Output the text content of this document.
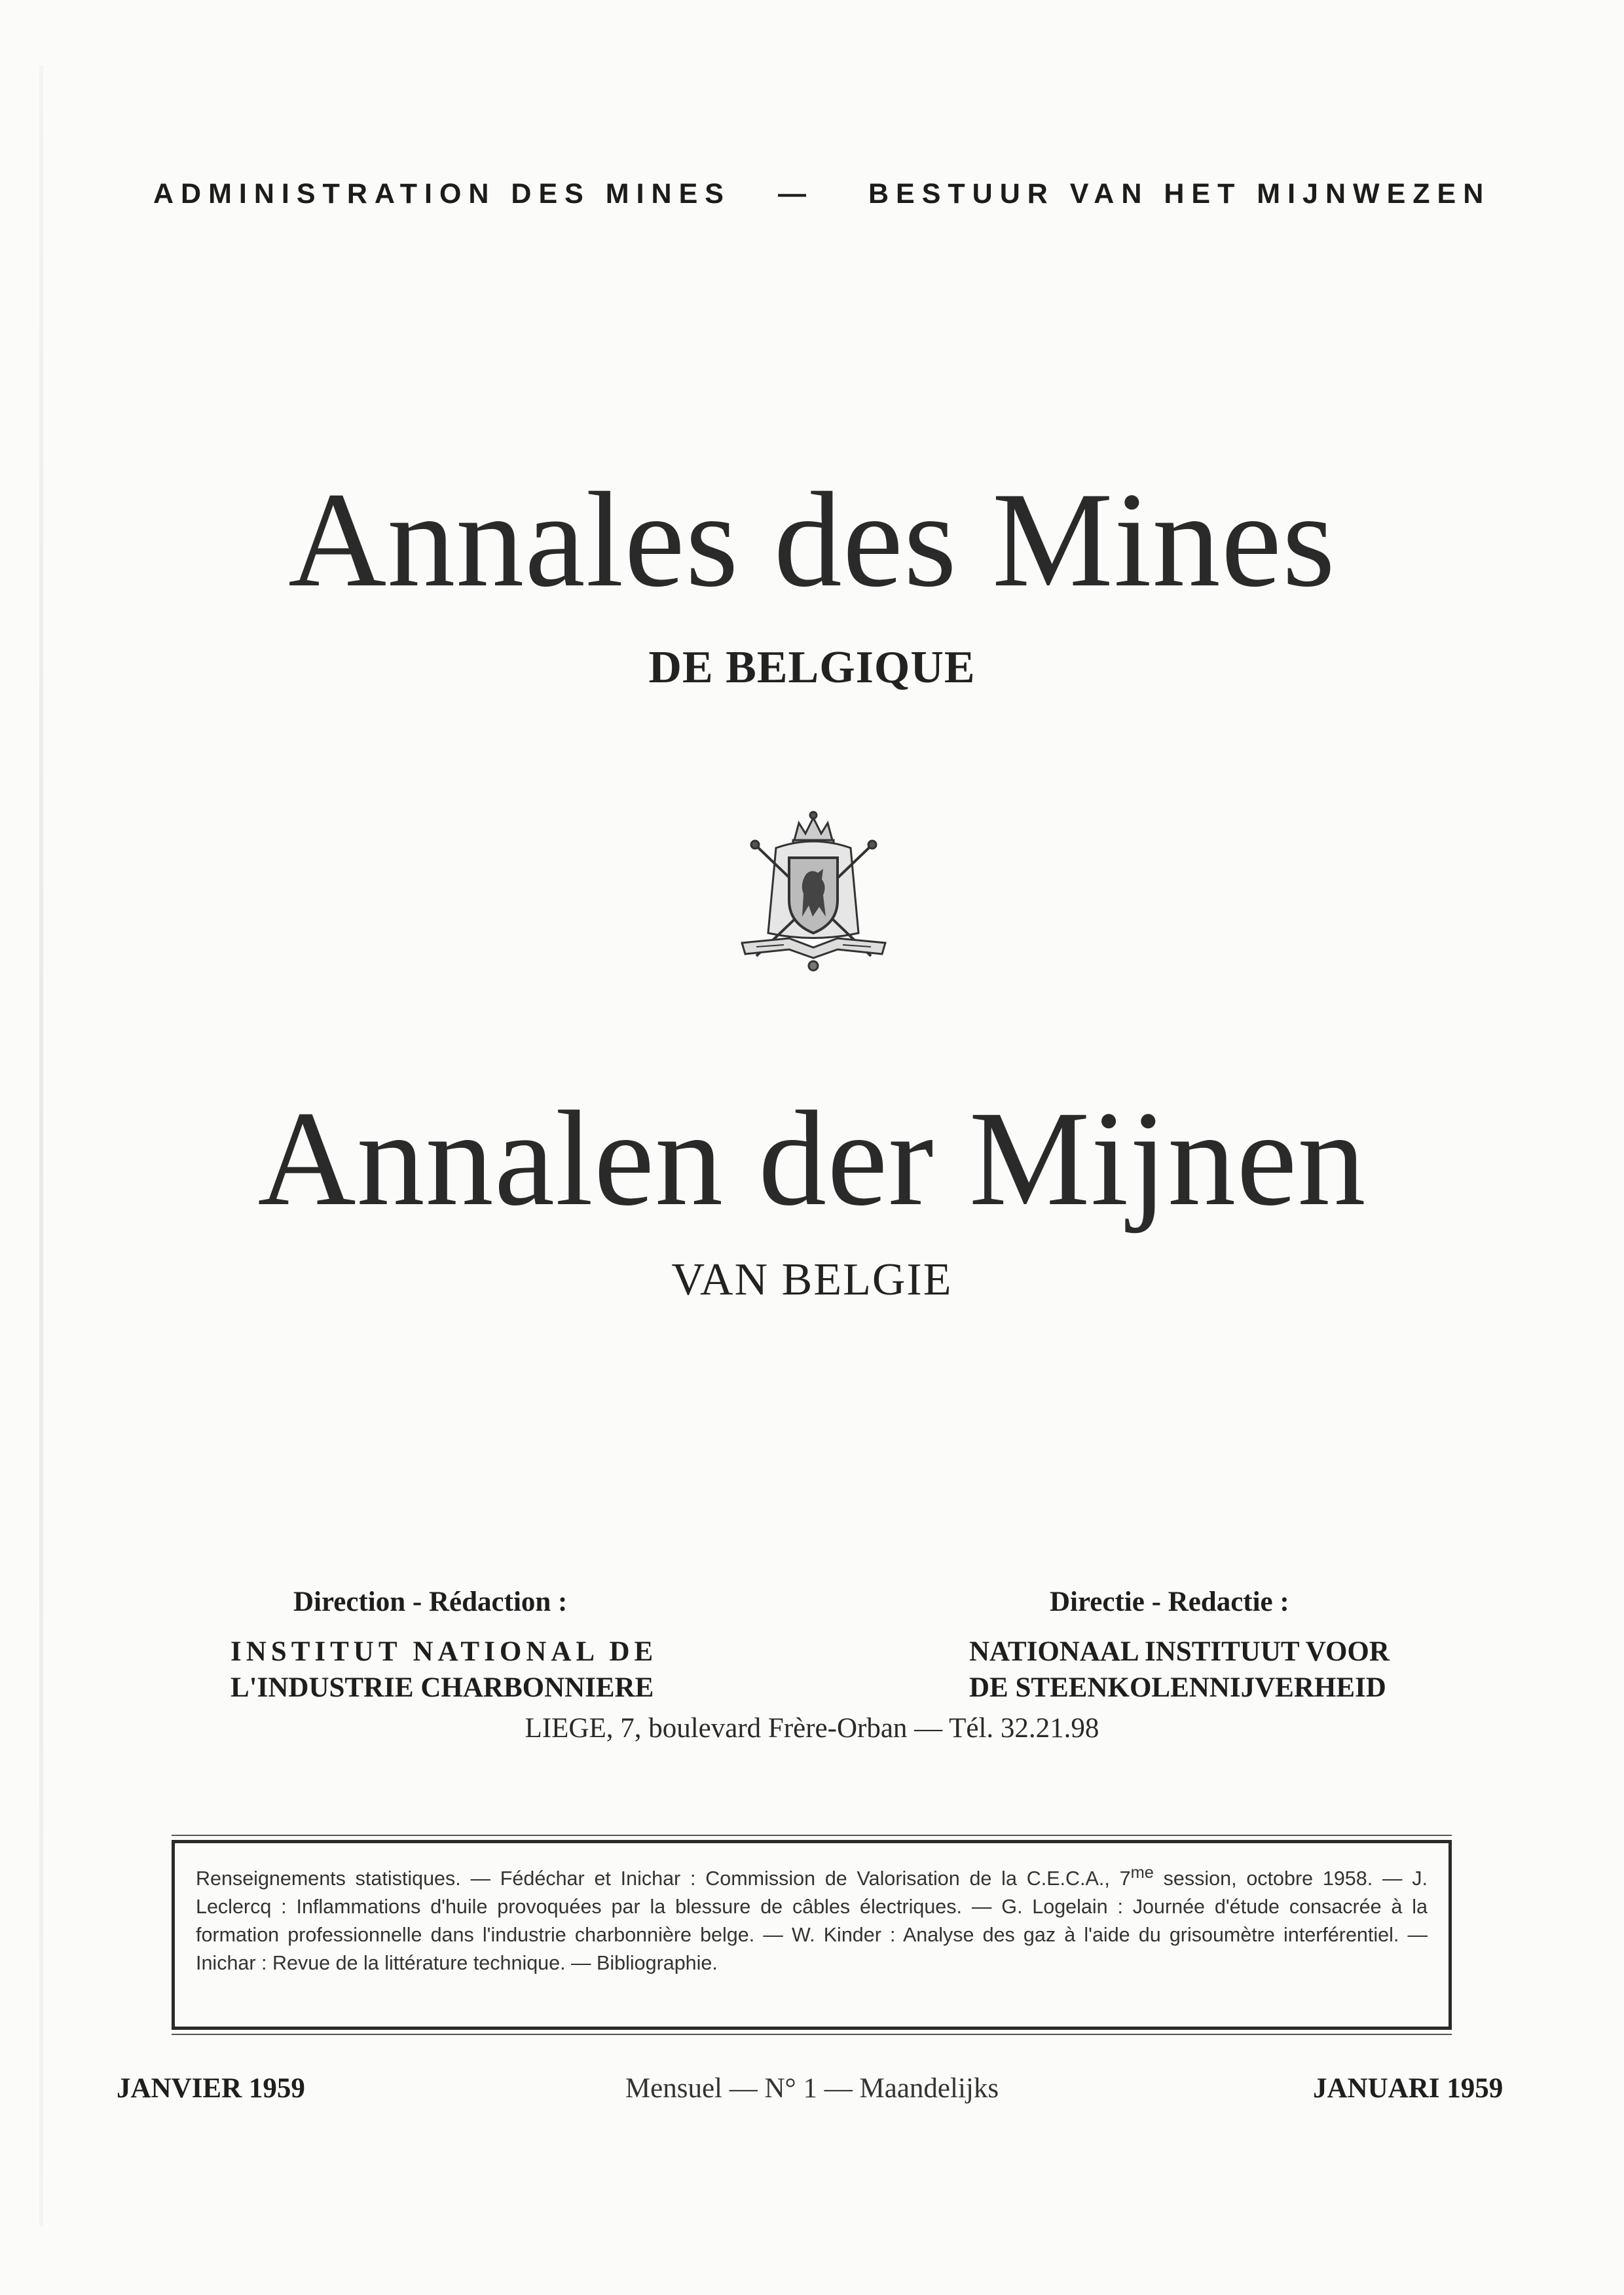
ADMINISTRATION DES MINES — BESTUUR VAN HET MIJNWEZEN
Annales des Mines
DE BELGIQUE
Annalen der Mijnen
VAN BELGIE
Direction - Rédaction :	Directie - Redactie :
INSTITUT NATIONAL DE
L'INDUSTRIE CHARBONNIERE
NATIONAAL INSTITUUT VOOR
DE STEENKOLENNIJVERHEID
LIEGE, 7, boulevard Frère-Orban — Tél. 32.21.98
Renseignements statistiques. — Fédéchar et Inichar : Commission de Valorisation de la C.E.C.A., $7^{me}$ session, octobre 1958. — J. Leclercq : Inflammations d'huile provoquées par la blessure de câbles électriques. — G. Logelain : Journée d'étude consacrée à la formation professionnelle dans l'industrie charbonnière belge. — W. Kinder : Analyse des gaz à l'aide du grisoumètre interférentiel. — Inichar : Revue de la littérature technique. — Bibliographie.
JANVIER 1959	Mensuel — N° 1 — Maandelijks	JANUARI 1959
